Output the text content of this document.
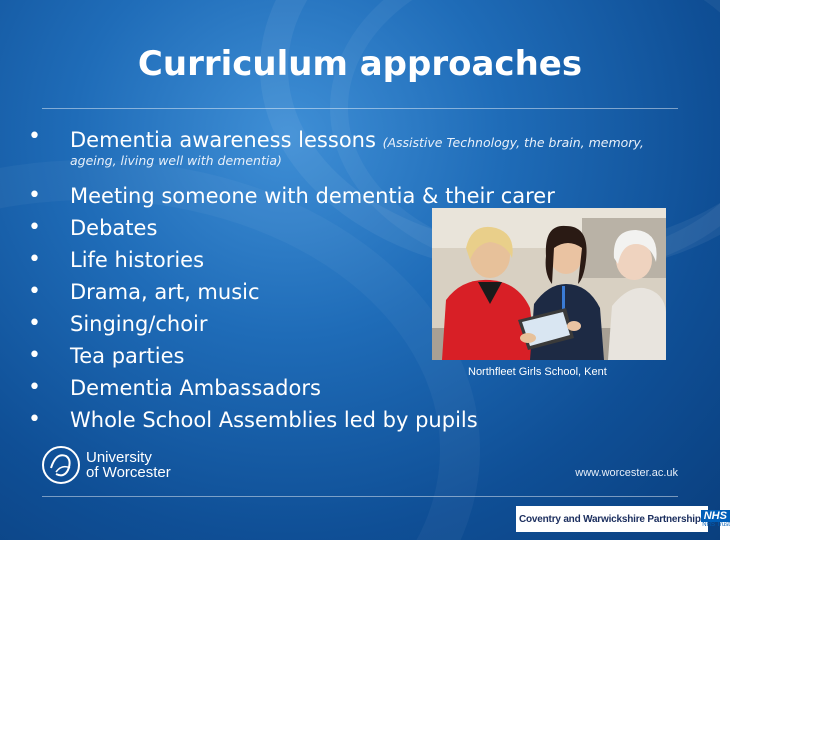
Curriculum approaches
• Dementia awareness lessons (Assistive Technology, the brain, memory,
ageing, living well with dementia)
• Meeting someone with dementia & their carer
• Debates
• Life histories
• Drama, art, music
• Singing/choir
• Tea parties
• Dementia Ambassadors
• Whole School Assemblies led by pupils
Northfleet Girls School, Kent
University
of Worcester	www.worcester.ac.uk
Coventry and Warwickshire Partnership NHS
NHS Trust
